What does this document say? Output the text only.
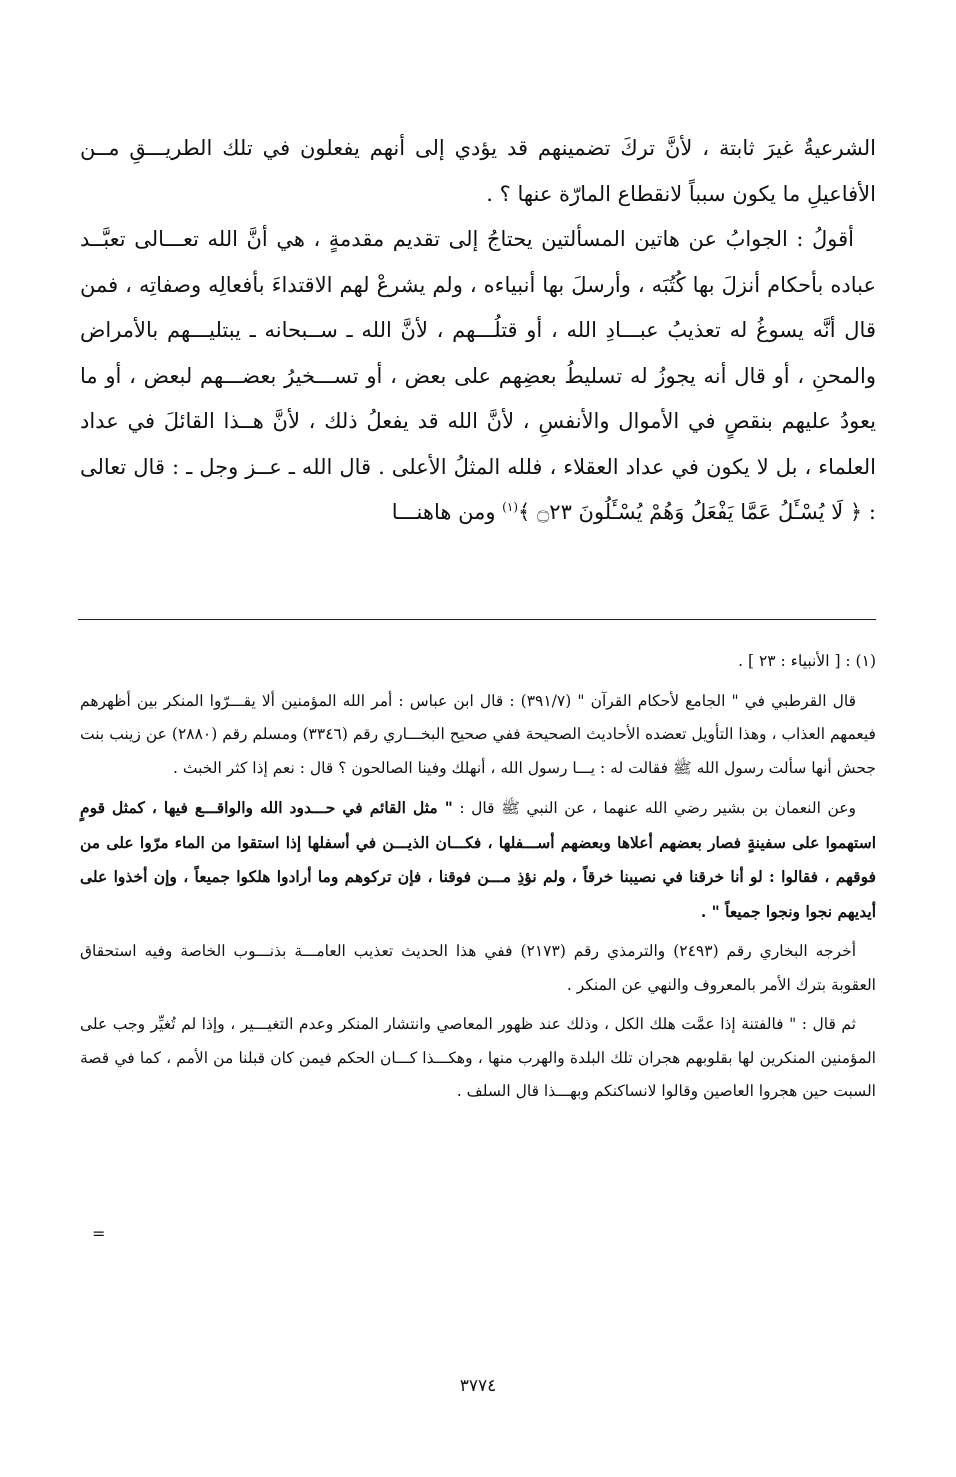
الشرعيةُ غيرَ ثابتة ، لأنَّ تركَ تضمينهم قد يؤدي إلى أنهم يفعلون في تلك الطريـــقِ مــن الأفاعيلِ ما يكون سبباً لانقطاع المارّة عنها ؟ .

أقولُ : الجوابُ عن هاتين المسألتين يحتاجُ إلى تقديم مقدمةٍ ، هي أنَّ الله تعـــالى تعبَّــد عباده بأحكام أنزلَ بها كُتُبَه ، وأرسلَ بها أنبياءه ، ولم يشرعْ لهم الاقتداءَ بأفعالِه وصفاتِه ، فمن قال أنَّه يسوغُ له تعذيبُ عبـــادِ الله ، أو قتلُـــهم ، لأنَّ الله ـ ســبحانه ـ يبتليـــهم بالأمراض والمحنِ ، أو قال أنه يجوزُ له تسليطُ بعضِهم على بعض ، أو تســـخيرُ بعضـــهم لبعض ، أو ما يعودُ عليهم بنقصٍ في الأموال والأنفسِ ، لأنَّ الله قد يفعلُ ذلك ، لأنَّ هــذا القائلَ في عداد العلماء ، بل لا يكون في عداد العقلاء ، فلله المثلُ الأعلى . قال الله ـ عــز وجل ـ : قال تعالى : ﴿ لَا يُسْـَٔلُ عَمَّا يَفْعَلُ وَهُمْ يُسْـَٔلُونَ ۝٢٣ ﴾$^{(١)}$ ومن هاهنـــا

(١) : [ الأنبياء : ٢٣ ] .

قال القرطبي في " الجامع لأحكام القرآن " (٣٩١/٧) : قال ابن عباس : أمر الله المؤمنين ألا يقـــرّوا المنكر بين أظهرهم فيعمهم العذاب ، وهذا التأويل تعضده الأحاديث الصحيحة ففي صحيح البخـــاري رقم (٣٣٤٦) ومسلم رقم (٢٨٨٠) عن زينب بنت جحش أنها سألت رسول الله ﷺ فقالت له : يـــا رسول الله ، أنهلك وفينا الصالحون ؟ قال : نعم إذا كثر الخبث .

وعن النعمان بن بشير رضي الله عنهما ، عن النبي ﷺ قال : " مثل القائم في حـــدود الله والواقـــع فيها ، كمثل قومٍ استهموا على سفينةٍ فصار بعضهم أعلاها وبعضهم أســـفلها ، فكـــان الذيـــن في أسفلها إذا استقوا من الماء مرّوا على من فوقهم ، فقالوا : لو أنا خرقنا في نصيبنا خرقاً ، ولم نؤذِ مـــن فوقنا ، فإن تركوهم وما أرادوا هلكوا جميعاً ، وإن أخذوا على أيديهم نجوا ونجوا جميعاً " .

أخرجه البخاري رقم (٢٤٩٣) والترمذي رقم (٢١٧٣) ففي هذا الحديث تعذيب العامـــة بذنـــوب الخاصة وفيه استحقاق العقوبة بترك الأمر بالمعروف والنهي عن المنكر .

ثم قال : " فالفتنة إذا عمَّت هلك الكل ، وذلك عند ظهور المعاصي وانتشار المنكر وعدم التغيـــير ، وإذا لم تُغيِّر وجب على المؤمنين المنكرين لها بقلوبهم هجران تلك البلدة والهرب منها ، وهكـــذا كـــان الحكم فيمن كان قبلنا من الأمم ، كما في قصة السبت حين هجروا العاصين وقالوا لانساكنكم وبهـــذا قال السلف .

=
٣٧٧٤
